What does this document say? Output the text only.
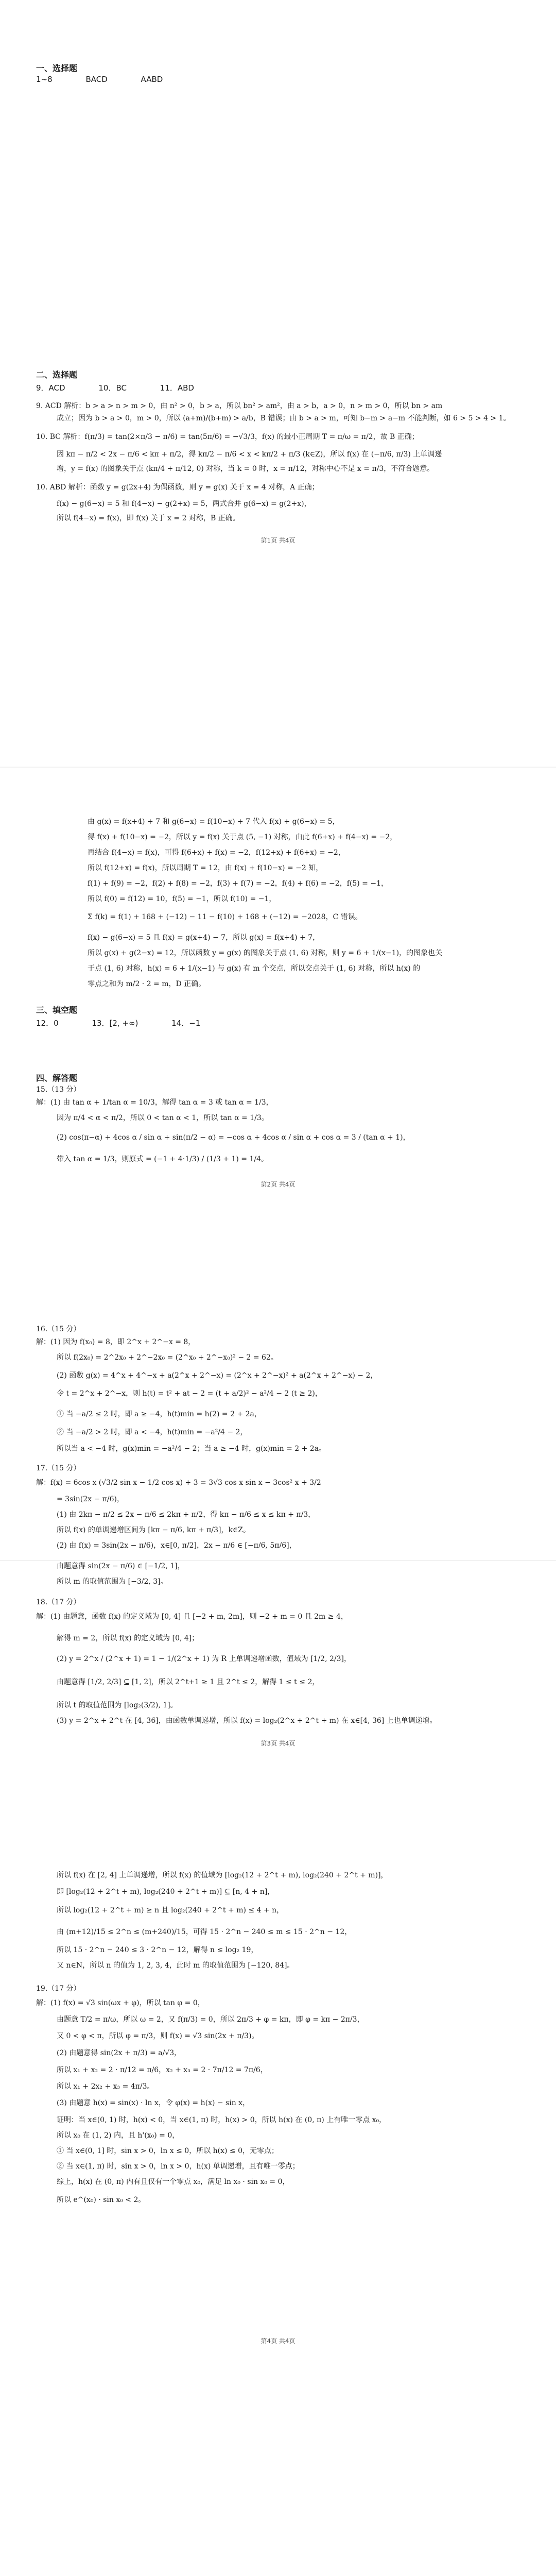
一、选择题
1~8	BACD	AABD
二、选择题
9．ACD	10．BC	11．ABD
9. ACD 解析：b > a > n > m > 0，由 n² > 0，b > a，所以 bn² > am²，由 a > b，a > 0，n > m > 0，所以 bn > am
成立；因为 b > a > 0，m > 0，所以 (a+m)/(b+m) > a/b，B 错误；由 b > a > m，可知 b−m > a−m 不能判断，如 6 > 5 > 4 > 1。
10. BC 解析：f(π/3) = tan(2×π/3 − π/6) = tan(5π/6) = −√3/3，f(x) 的最小正周期 T = π/ω = π/2，故 B 正确；
因 kπ − π/2 < 2x − π/6 < kπ + π/2，得 kπ/2 − π/6 < x < kπ/2 + π/3 (k∈Z)，所以 f(x) 在 (−π/6, π/3) 上单调递
增，y = f(x) 的图象关于点 (kπ/4 + π/12, 0) 对称，当 k = 0 时，x = π/12，对称中心不是 x = π/3，不符合题意。
10. ABD 解析：函数 y = g(2x+4) 为偶函数，则 y = g(x) 关于 x = 4 对称，A 正确；
f(x) − g(6−x) = 5 和 f(4−x) − g(2+x) = 5，两式合并 g(6−x) = g(2+x)，
所以 f(4−x) = f(x)，即 f(x) 关于 x = 2 对称，B 正确。
第1页 共4页
由 g(x) = f(x+4) + 7 和 g(6−x) = f(10−x) + 7 代入 f(x) + g(6−x) = 5，
得 f(x) + f(10−x) = −2，所以 y = f(x) 关于点 (5, −1) 对称，由此 f(6+x) + f(4−x) = −2，
再结合 f(4−x) = f(x)，可得 f(6+x) + f(x) = −2，f(12+x) + f(6+x) = −2，
所以 f(12+x) = f(x)，所以周期 T = 12，由 f(x) + f(10−x) = −2 知，
f(1) + f(9) = −2，f(2) + f(8) = −2，f(3) + f(7) = −2，f(4) + f(6) = −2，f(5) = −1，
所以 f(0) = f(12) = 10，f(5) = −1，所以 f(10) = −1，
Σ f(k) = f(1) + 168 + (−12) − 11 − f(10) + 168 + (−12) = −2028，C 错误。
f(x) − g(6−x) = 5 且 f(x) = g(x+4) − 7，所以 g(x) = f(x+4) + 7，
所以 g(x) + g(2−x) = 12，所以函数 y = g(x) 的图象关于点 (1, 6) 对称，则 y = 6 + 1/(x−1)，的图象也关
于点 (1, 6) 对称，h(x) = 6 + 1/(x−1) 与 g(x) 有 m 个交点，所以交点关于 (1, 6) 对称，所以 h(x) 的
零点之和为 m/2 · 2 = m，D 正确。
三、填空题
12．0	13．[2, +∞)	14．−1
四、解答题
15.（13 分）
解：(1) 由 tan α + 1/tan α = 10/3，解得 tan α = 3 或 tan α = 1/3，
因为 π/4 < α < π/2，所以 0 < tan α < 1，所以 tan α = 1/3。
(2) cos(π−α) + 4cos α / sin α + sin(π/2 − α) = −cos α + 4cos α / sin α + cos α = 3 / (tan α + 1)，
带入 tan α = 1/3，则原式 = (−1 + 4·1/3) / (1/3 + 1) = 1/4。
第2页 共4页
16.（15 分）
解：(1) 因为 f(x₀) = 8，即 2^x + 2^−x = 8，
所以 f(2x₀) = 2^2x₀ + 2^−2x₀ = (2^x₀ + 2^−x₀)² − 2 = 62。
(2) 函数 g(x) = 4^x + 4^−x + a(2^x + 2^−x) = (2^x + 2^−x)² + a(2^x + 2^−x) − 2，
令 t = 2^x + 2^−x，则 h(t) = t² + at − 2 = (t + a/2)² − a²/4 − 2 (t ≥ 2)，
① 当 −a/2 ≤ 2 时，即 a ≥ −4，h(t)min = h(2) = 2 + 2a，
② 当 −a/2 > 2 时，即 a < −4，h(t)min = −a²/4 − 2，
所以当 a < −4 时，g(x)min = −a²/4 − 2；当 a ≥ −4 时，g(x)min = 2 + 2a。
17.（15 分）
解：f(x) = 6cos x (√3/2 sin x − 1/2 cos x) + 3 = 3√3 cos x sin x − 3cos² x + 3/2
= 3sin(2x − π/6)，
(1) 由 2kπ − π/2 ≤ 2x − π/6 ≤ 2kπ + π/2，得 kπ − π/6 ≤ x ≤ kπ + π/3，
所以 f(x) 的单调递增区间为 [kπ − π/6, kπ + π/3]，k∈Z。
(2) 由 f(x) = 3sin(2x − π/6)，x∈[0, π/2]，2x − π/6 ∈ [−π/6, 5π/6]，
由题意得 sin(2x − π/6) ∈ [−1/2, 1]，
所以 m 的取值范围为 [−3/2, 3]。
18.（17 分）
解：(1) 由题意，函数 f(x) 的定义域为 [0, 4] 且 [−2 + m, 2m]，则 −2 + m = 0 且 2m ≥ 4，
解得 m = 2，所以 f(x) 的定义域为 [0, 4]；
(2) y = 2^x / (2^x + 1) = 1 − 1/(2^x + 1) 为 R 上单调递增函数，值域为 [1/2, 2/3]，
由题意得 [1/2, 2/3] ⊆ [1, 2]，所以 2^t+1 ≥ 1 且 2^t ≤ 2，解得 1 ≤ t ≤ 2，
所以 t 的取值范围为 [log₂(3/2), 1]。
(3) y = 2^x + 2^t 在 [4, 36]，由函数单调递增，所以 f(x) = log₂(2^x + 2^t + m) 在 x∈[4, 36] 上也单调递增。
第3页 共4页
所以 f(x) 在 [2, 4] 上单调递增，所以 f(x) 的值域为 [log₂(12 + 2^t + m), log₂(240 + 2^t + m)]，
即 [log₂(12 + 2^t + m), log₂(240 + 2^t + m)] ⊆ [n, 4 + n]，
所以 log₂(12 + 2^t + m) ≥ n 且 log₂(240 + 2^t + m) ≤ 4 + n，
由 (m+12)/15 ≤ 2^n ≤ (m+240)/15，可得 15 · 2^n − 240 ≤ m ≤ 15 · 2^n − 12，
所以 15 · 2^n − 240 ≤ 3 · 2^n − 12，解得 n ≤ log₂ 19，
又 n∈N，所以 n 的值为 1, 2, 3, 4，此时 m 的取值范围为 [−120, 84]。
19.（17 分）
解：(1) f(x) = √3 sin(ωx + φ)，所以 tan φ = 0，
由题意 T/2 = π/ω，所以 ω = 2，又 f(π/3) = 0，所以 2π/3 + φ = kπ，即 φ = kπ − 2π/3，
又 0 < φ < π，所以 φ = π/3，则 f(x) = √3 sin(2x + π/3)。
(2) 由题意得 sin(2x + π/3) = a/√3，
所以 x₁ + x₂ = 2 · π/12 = π/6，x₂ + x₃ = 2 · 7π/12 = 7π/6，
所以 x₁ + 2x₂ + x₃ = 4π/3。
(3) 由题意 h(x) = sin(x) · ln x，令 φ(x) = h(x) − sin x，
证明：当 x∈(0, 1) 时，h(x) < 0，当 x∈(1, π) 时，h(x) > 0，所以 h(x) 在 (0, π) 上有唯一零点 x₀，
所以 x₀ 在 (1, 2) 内，且 h'(x₀) = 0，
① 当 x∈(0, 1] 时，sin x > 0，ln x ≤ 0，所以 h(x) ≤ 0，无零点；
② 当 x∈(1, π) 时，sin x > 0，ln x > 0，h(x) 单调递增，且有唯一零点；
综上，h(x) 在 (0, π) 内有且仅有一个零点 x₀，满足 ln x₀ · sin x₀ = 0，
所以 e^(x₀) · sin x₀ < 2。
第4页 共4页
